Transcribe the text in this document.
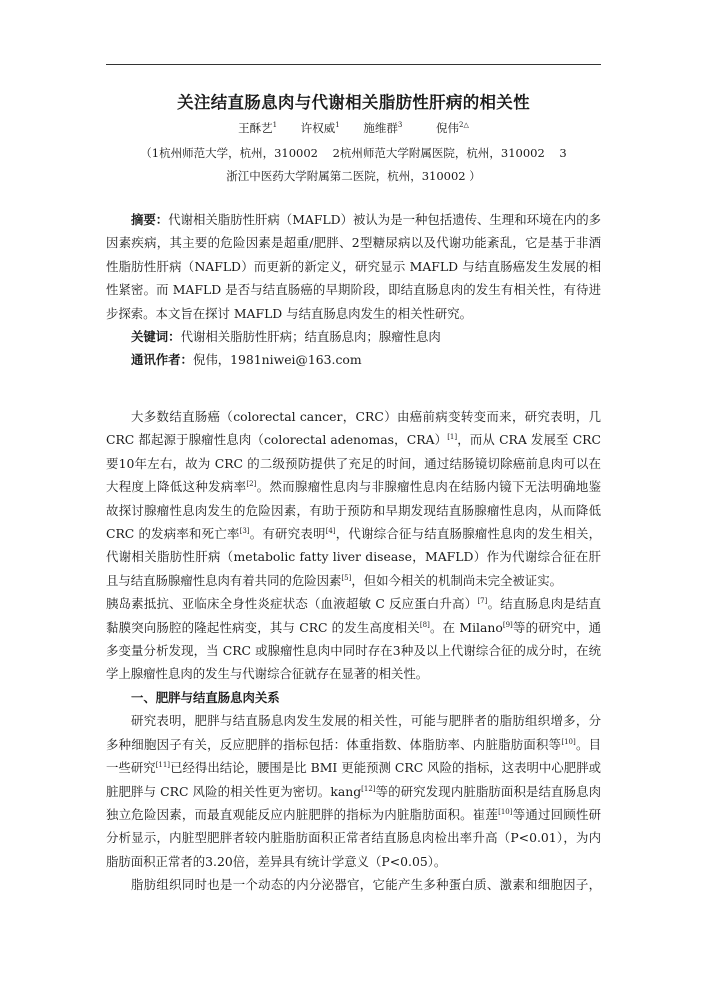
关注结直肠息肉与代谢相关脂肪性肝病的相关性
王酥艺$^1$ 许权威$^1$ 施维群$^3$	倪伟$^{2\triangle}$
（1杭州师范大学，杭州，310002    2杭州师范大学附属医院，杭州，310002    3
浙江中医药大学附属第二医院，杭州，310002 ）
摘要：代谢相关脂肪性肝病（MAFLD）被认为是一种包括遗传、生理和环境在内的多
因素疾病，其主要的危险因素是超重/肥胖、2型糖尿病以及代谢功能紊乱，它是基于非酒
性脂肪性肝病（NAFLD）而更新的新定义，研究显示 MAFLD 与结直肠癌发生发展的相
性紧密。而 MAFLD 是否与结直肠癌的早期阶段，即结直肠息肉的发生有相关性，有待进
步探索。本文旨在探讨 MAFLD 与结直肠息肉发生的相关性研究。
关键词：代谢相关脂肪性肝病；结直肠息肉；腺瘤性息肉
通讯作者：倪伟，1981niwei@163.com
大多数结直肠癌（colorectal cancer，CRC）由癌前病变转变而来，研究表明，几
CRC 都起源于腺瘤性息肉（colorectal adenomas，CRA）[1]，而从 CRA 发展至 CRC
要10年左右，故为 CRC 的二级预防提供了充足的时间，通过结肠镜切除癌前息肉可以在
大程度上降低这种发病率[2]。然而腺瘤性息肉与非腺瘤性息肉在结肠内镜下无法明确地鉴
故探讨腺瘤性息肉发生的危险因素，有助于预防和早期发现结直肠腺瘤性息肉，从而降低
CRC 的发病率和死亡率[3]。有研究表明[4]，代谢综合征与结直肠腺瘤性息肉的发生相关，
代谢相关脂肪性肝病（metabolic fatty liver disease，MAFLD）作为代谢综合征在肝
且与结直肠腺瘤性息肉有着共同的危险因素[5]，但如今相关的机制尚未完全被证实。
胰岛素抵抗、亚临床全身性炎症状态（血液超敏 C 反应蛋白升高）[7]。结直肠息肉是结直
黏膜突向肠腔的隆起性病变，其与 CRC 的发生高度相关[8]。在 Milano[9]等的研究中，通
多变量分析发现，当 CRC 或腺瘤性息肉中同时存在3种及以上代谢综合征的成分时，在统
学上腺瘤性息肉的发生与代谢综合征就存在显著的相关性。
一、肥胖与结直肠息肉关系
研究表明，肥胖与结直肠息肉发生发展的相关性，可能与肥胖者的脂肪组织增多，分
多种细胞因子有关，反应肥胖的指标包括：体重指数、体脂肪率、内脏脂肪面积等[10]。目
一些研究[11]已经得出结论，腰围是比 BMI 更能预测 CRC 风险的指标，这表明中心肥胖或
脏肥胖与 CRC 风险的相关性更为密切。kang[12]等的研究发现内脏脂肪面积是结直肠息肉
独立危险因素，而最直观能反应内脏肥胖的指标为内脏脂肪面积。崔莲[10]等通过回顾性研
分析显示，内脏型肥胖者较内脏脂肪面积正常者结直肠息肉检出率升高（P<0.01），为内
脂肪面积正常者的3.20倍，差异具有统计学意义（P<0.05）。
脂肪组织同时也是一个动态的内分泌器官，它能产生多种蛋白质、激素和细胞因子，
